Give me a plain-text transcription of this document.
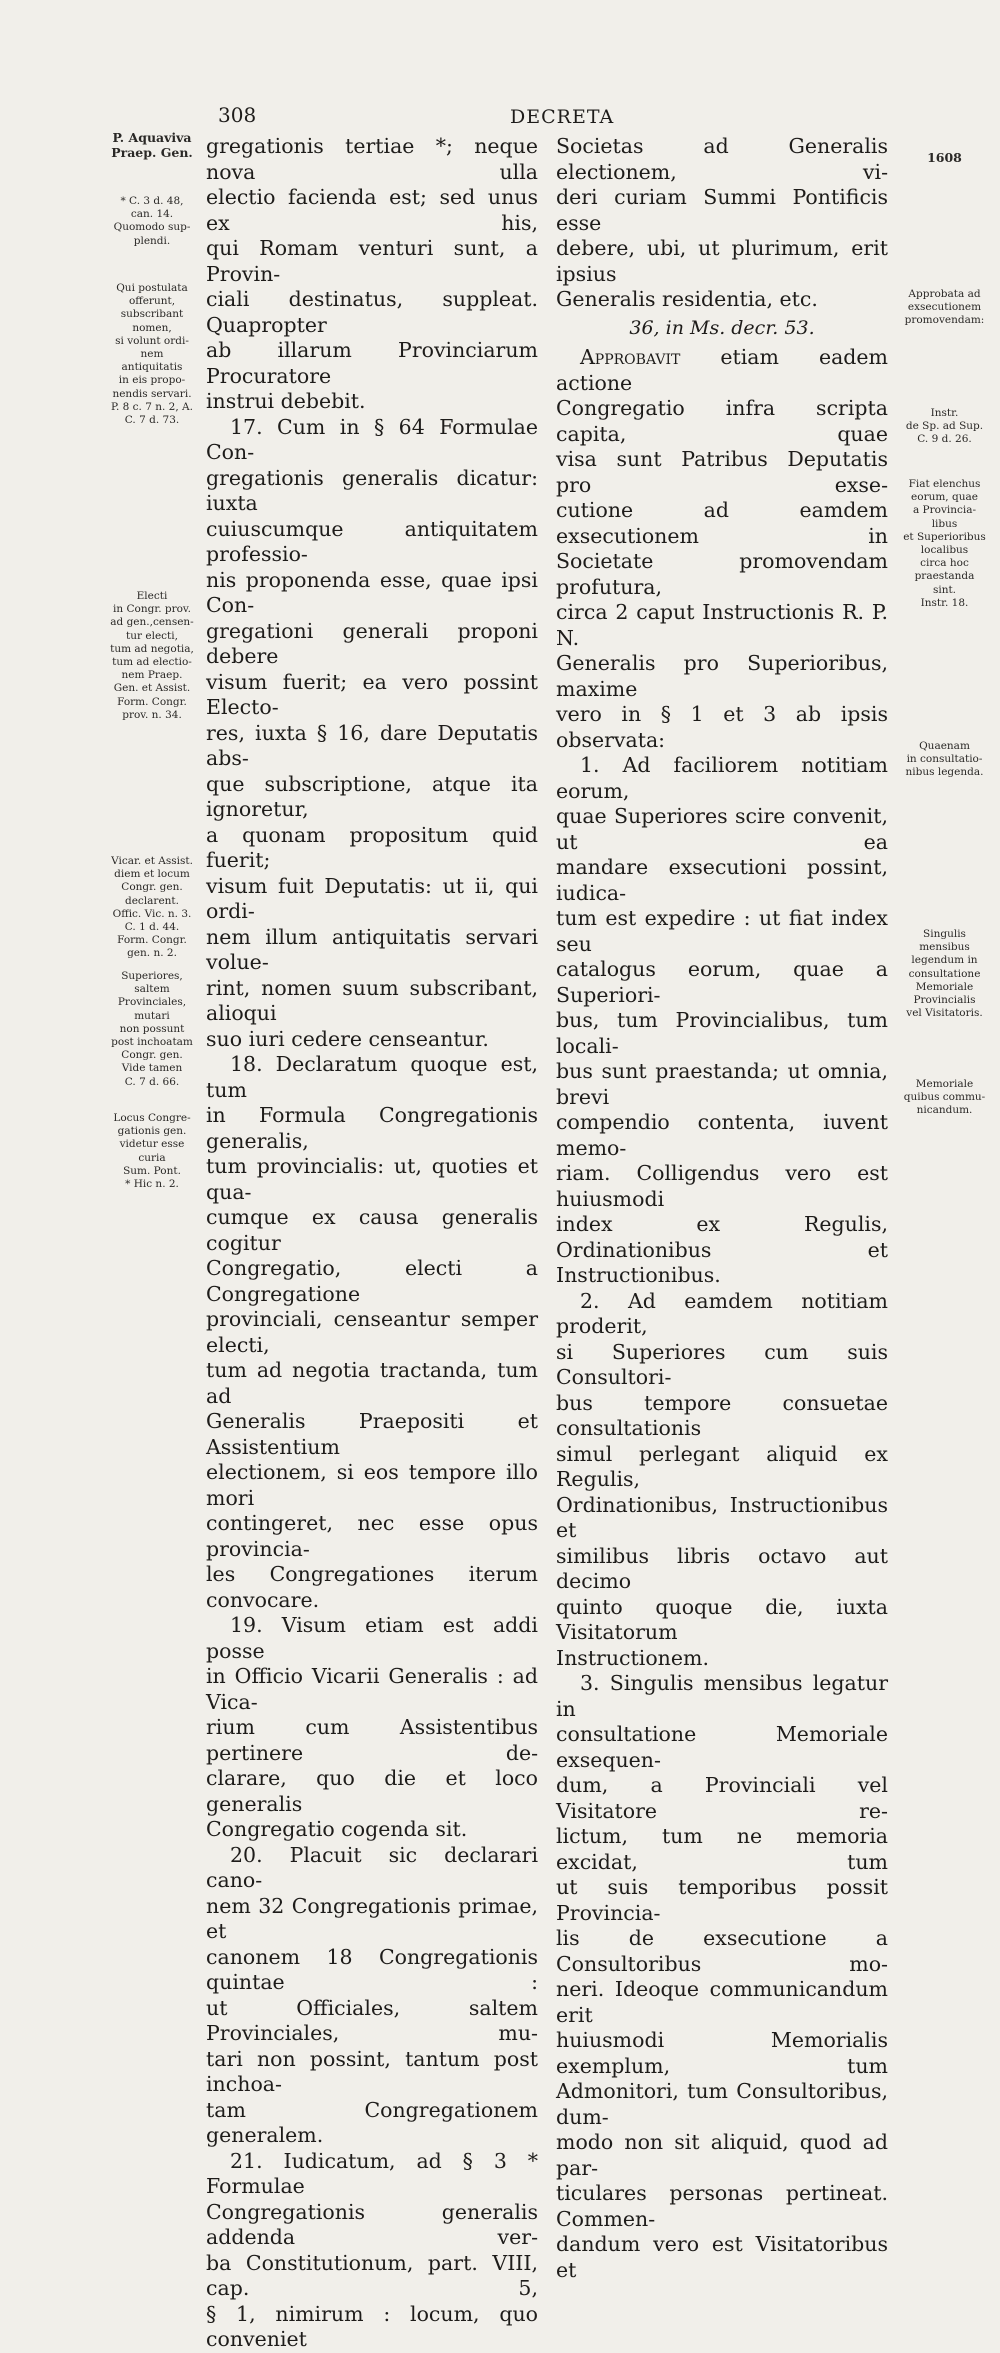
308	DECRETA

gregationis tertiae *; neque nova ulla

electio facienda est; sed unus ex his,

qui Romam venturi sunt, a Provin-

ciali destinatus, suppleat. Quapropter

ab illarum Provinciarum Procuratore

instrui debebit.

17. Cum in § 64 Formulae Con-

gregationis generalis dicatur: iuxta

cuiuscumque antiquitatem professio-

nis proponenda esse, quae ipsi Con-

gregationi generali proponi debere

visum fuerit; ea vero possint Electo-

res, iuxta § 16, dare Deputatis abs-

que subscriptione, atque ita ignoretur,

a quonam propositum quid fuerit;

visum fuit Deputatis: ut ii, qui ordi-

nem illum antiquitatis servari volue-

rint, nomen suum subscribant, alioqui

suo iuri cedere censeantur.

18. Declaratum quoque est, tum

in Formula Congregationis generalis,

tum provincialis: ut, quoties et qua-

cumque ex causa generalis cogitur

Congregatio, electi a Congregatione

provinciali, censeantur semper electi,

tum ad negotia tractanda, tum ad

Generalis Praepositi et Assistentium

electionem, si eos tempore illo mori

contingeret, nec esse opus provincia-

les Congregationes iterum convocare.

19. Visum etiam est addi posse

in Officio Vicarii Generalis : ad Vica-

rium cum Assistentibus pertinere de-

clarare, quo die et loco generalis

Congregatio cogenda sit.

20. Placuit sic declarari cano-

nem 32 Congregationis primae, et

canonem 18 Congregationis quintae :

ut Officiales, saltem Provinciales, mu-

tari non possint, tantum post inchoa-

tam Congregationem generalem.

21. Iudicatum, ad § 3 * Formulae

Congregationis generalis addenda ver-

ba Constitutionum, part. VIII, cap. 5,

§ 1, nimirum : locum, quo conveniet

Societas ad Generalis electionem, vi-

deri curiam Summi Pontificis esse

debere, ubi, ut plurimum, erit ipsius

Generalis residentia, etc.

36, in Ms. decr. 53.

Approbavit etiam eadem actione

Congregatio infra scripta capita, quae

visa sunt Patribus Deputatis pro exse-

cutione ad eamdem exsecutionem in

Societate promovendam profutura,

circa 2 caput Instructionis R. P. N.

Generalis pro Superioribus, maxime

vero in § 1 et 3 ab ipsis observata:

1. Ad faciliorem notitiam eorum,

quae Superiores scire convenit, ut ea

mandare exsecutioni possint, iudica-

tum est expedire : ut fiat index seu

catalogus eorum, quae a Superiori-

bus, tum Provincialibus, tum locali-

bus sunt praestanda; ut omnia, brevi

compendio contenta, iuvent memo-

riam. Colligendus vero est huiusmodi

index ex Regulis, Ordinationibus et

Instructionibus.

2. Ad eamdem notitiam proderit,

si Superiores cum suis Consultori-

bus tempore consuetae consultationis

simul perlegant aliquid ex Regulis,

Ordinationibus, Instructionibus et

similibus libris octavo aut decimo

quinto quoque die, iuxta Visitatorum

Instructionem.

3. Singulis mensibus legatur in

consultatione Memoriale exsequen-

dum, a Provinciali vel Visitatore re-

lictum, tum ne memoria excidat, tum

ut suis temporibus possit Provincia-

lis de exsecutione a Consultoribus mo-

neri. Ideoque communicandum erit

huiusmodi Memorialis exemplum, tum

Admonitori, tum Consultoribus, dum-

modo non sit aliquid, quod ad par-

ticulares personas pertineat. Commen-

dandum vero est Visitatoribus et

P. Aquaviva
Praep. Gen.
* C. 3 d. 48,
can. 14.
Quomodo sup-
plendi.
Qui postulata
offerunt,
subscribant
nomen,
si volunt ordi-
nem
antiquitatis
in eis propo-
nendis servari.
P. 8 c. 7 n. 2, A.
C. 7 d. 73.
Electi
in Congr. prov.
ad gen.,censen-
tur electi,
tum ad negotia,
tum ad electio-
nem Praep.
Gen. et Assist.
Form. Congr.
prov. n. 34.
Vicar. et Assist.
diem et locum
Congr. gen.
declarent.
Offic. Vic. n. 3.
C. 1 d. 44.
Form. Congr.
gen. n. 2.
Superiores,
saltem
Provinciales,
mutari
non possunt
post inchoatam
Congr. gen.
Vide tamen
C. 7 d. 66.
Locus Congre-
gationis gen.
videtur esse
curia
Sum. Pont.
* Hic n. 2.
1608
Approbata ad
exsecutionem
promovendam:
Instr.
de Sp. ad Sup.
C. 9 d. 26.
Fiat elenchus
eorum, quae
a Provincia-
libus
et Superioribus
localibus
circa hoc
praestanda
sint.
Instr. 18.
Quaenam
in consultatio-
nibus legenda.
Singulis
mensibus
legendum in
consultatione
Memoriale
Provincialis
vel Visitatoris.
Memoriale
quibus commu-
nicandum.
